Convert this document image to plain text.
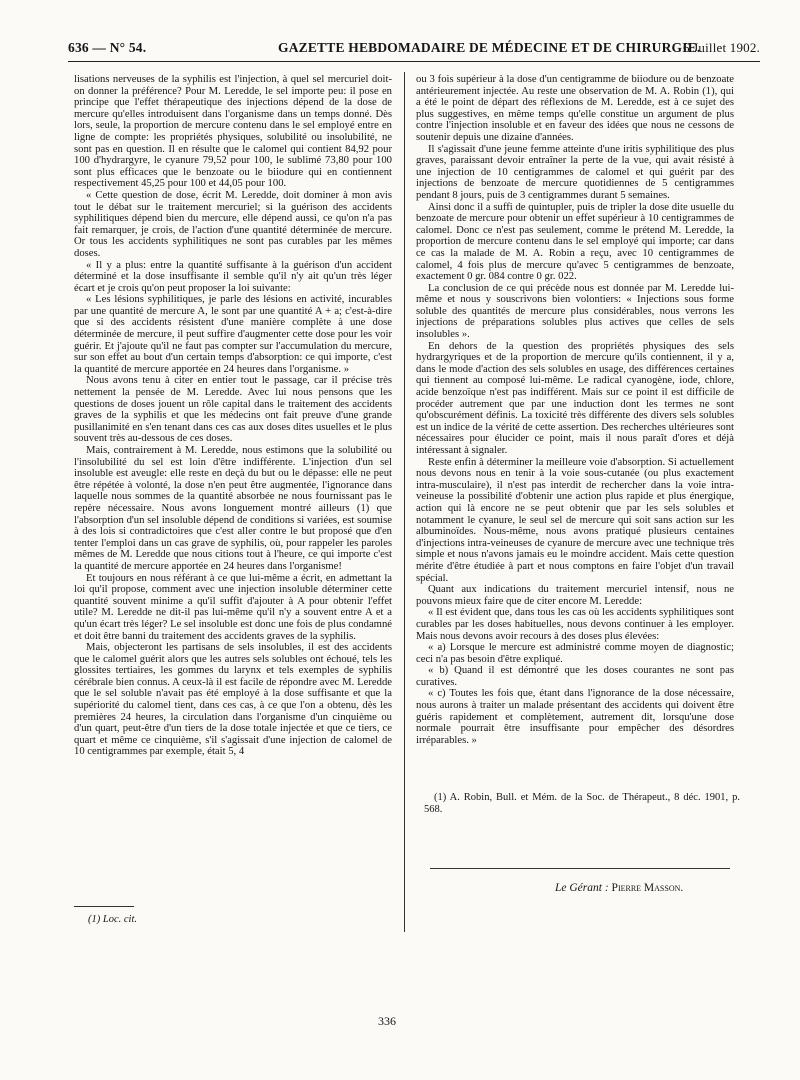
636 — N° 54.	GAZETTE HEBDOMADAIRE DE MÉDECINE ET DE CHIRURGIE.
6 Juillet 1902.

lisations nerveuses de la syphilis est l'injection, à quel sel mercuriel doit-on donner la préférence? Pour M. Leredde, le sel importe peu: il pose en principe que l'effet thérapeutique des injections dépend de la dose de mercure qu'elles introduisent dans l'organisme dans un temps donné. Dès lors, seule, la proportion de mercure contenu dans le sel employé entre en ligne de compte: les propriétés physiques, solubilité ou insolubilité, ne sont pas en question. Il en résulte que le calomel qui contient 84,92 pour 100 d'hydrargyre, le cyanure 79,52 pour 100, le sublimé 73,80 pour 100 sont plus efficaces que le benzoate ou le biiodure qui en contiennent respectivement 45,25 pour 100 et 44,05 pour 100.

« Cette question de dose, écrit M. Leredde, doit dominer à mon avis tout le débat sur le traitement mercuriel; si la guérison des accidents syphilitiques dépend bien du mercure, elle dépend aussi, ce qu'on n'a pas fait remarquer, je crois, de l'action d'une quantité déterminée de mercure. Or tous les accidents syphilitiques ne sont pas curables par les mêmes doses.

« Il y a plus: entre la quantité suffisante à la guérison d'un accident déterminé et la dose insuffisante il semble qu'il n'y ait qu'un très léger écart et je crois qu'on peut proposer la loi suivante:

« Les lésions syphilitiques, je parle des lésions en activité, incurables par une quantité de mercure A, le sont par une quantité A + a; c'est-à-dire que si des accidents résistent d'une manière complète à une dose déterminée de mercure, il peut suffire d'augmenter cette dose pour les voir guérir. Et j'ajoute qu'il ne faut pas compter sur l'accumulation du mercure, sur son effet au bout d'un certain temps d'absorption: ce qui importe, c'est la quantité de mercure apportée en 24 heures dans l'organisme. »

Nous avons tenu à citer en entier tout le passage, car il précise très nettement la pensée de M. Leredde. Avec lui nous pensons que les questions de doses jouent un rôle capital dans le traitement des accidents graves de la syphilis et que les médecins ont fait preuve d'une grande pusillanimité en s'en tenant dans ces cas aux doses dites usuelles et le plus souvent très au-dessous de ces doses.

Mais, contrairement à M. Leredde, nous estimons que la solubilité ou l'insolubilité du sel est loin d'être indifférente. L'injection d'un sel insoluble est aveugle: elle reste en deçà du but ou le dépasse: elle ne peut être répétée à volonté, la dose n'en peut être augmentée, l'ignorance dans laquelle nous sommes de la quantité absorbée ne nous fournissant pas le repère nécessaire. Nous avons longuement montré ailleurs (1) que l'absorption d'un sel insoluble dépend de conditions si variées, est soumise à des lois si contradictoires que c'est aller contre le but proposé que d'en tenter l'emploi dans un cas grave de syphilis, où, pour rappeler les paroles mêmes de M. Leredde que nous citions tout à l'heure, ce qui importe c'est la quantité de mercure apportée en 24 heures dans l'organisme!

Et toujours en nous référant à ce que lui-même a écrit, en admettant la loi qu'il propose, comment avec une injection insoluble déterminer cette quantité souvent minime a qu'il suffit d'ajouter à A pour obtenir l'effet utile? M. Leredde ne dit-il pas lui-même qu'il n'y a souvent entre A et a qu'un écart très léger? Le sel insoluble est donc une fois de plus condamné et doit être banni du traitement des accidents graves de la syphilis.

Mais, objecteront les partisans de sels insolubles, il est des accidents que le calomel guérit alors que les autres sels solubles ont échoué, tels les glossites tertiaires, les gommes du larynx et tels exemples de syphilis cérébrale bien connus. A ceux-là il est facile de répondre avec M. Leredde que le sel soluble n'avait pas été employé à la dose suffisante et que la supériorité du calomel tient, dans ces cas, à ce que l'on a obtenu, dès les premières 24 heures, la circulation dans l'organisme d'un cinquième ou d'un quart, peut-être d'un tiers de la dose totale injectée et que ce tiers, ce quart et même ce cinquième, s'il s'agissait d'une injection de calomel de 10 centigrammes par exemple, était 5, 4

ou 3 fois supérieur à la dose d'un centigramme de biiodure ou de benzoate antérieurement injectée. Au reste une observation de M. A. Robin (1), qui a été le point de départ des réflexions de M. Leredde, est à ce sujet des plus suggestives, en même temps qu'elle constitue un argument de plus contre l'injection insoluble et en faveur des idées que nous ne cessons de soutenir depuis une dizaine d'années.

Il s'agissait d'une jeune femme atteinte d'une iritis syphilitique des plus graves, paraissant devoir entraîner la perte de la vue, qui avait résisté à une injection de 10 centigrammes de calomel et qui guérit par des injections de benzoate de mercure quotidiennes de 5 centigrammes pendant 8 jours, puis de 3 centigrammes durant 5 semaines.

Ainsi donc il a suffi de quintupler, puis de tripler la dose dite usuelle du benzoate de mercure pour obtenir un effet supérieur à 10 centigrammes de calomel. Donc ce n'est pas seulement, comme le prétend M. Leredde, la proportion de mercure contenu dans le sel employé qui importe; car dans ce cas la malade de M. A. Robin a reçu, avec 10 centigrammes de calomel, 4 fois plus de mercure qu'avec 5 centigrammes de benzoate, exactement 0 gr. 084 contre 0 gr. 022.

La conclusion de ce qui précède nous est donnée par M. Leredde lui-même et nous y souscrivons bien volontiers: « Injections sous forme soluble des quantités de mercure plus considérables, nous verrons les injections de préparations solubles plus actives que celles de sels insolubles ».

En dehors de la question des propriétés physiques des sels hydrargyriques et de la proportion de mercure qu'ils contiennent, il y a, dans le mode d'action des sels solubles en usage, des différences certaines qui tiennent au composé lui-même. Le radical cyanogène, iode, chlore, acide benzoïque n'est pas indifférent. Mais sur ce point il est difficile de procéder autrement que par une induction dont les termes ne sont qu'obscurément définis. La toxicité très différente des divers sels solubles est un indice de la vérité de cette assertion. Des recherches ultérieures sont nécessaires pour élucider ce point, mais il nous paraît d'ores et déjà intéressant à signaler.

Reste enfin à déterminer la meilleure voie d'absorption. Si actuellement nous devons nous en tenir à la voie sous-cutanée (ou plus exactement intra-musculaire), il n'est pas interdit de rechercher dans la voie intra-veineuse la possibilité d'obtenir une action plus rapide et plus énergique, action qui là encore ne se peut obtenir que par les sels solubles et notamment le cyanure, le seul sel de mercure qui soit sans action sur les albuminoïdes. Nous-même, nous avons pratiqué plusieurs centaines d'injections intra-veineuses de cyanure de mercure avec une technique très simple et nous n'avons jamais eu le moindre accident. Mais cette question mérite d'être étudiée à part et nous comptons en faire l'objet d'un travail spécial.

Quant aux indications du traitement mercuriel intensif, nous ne pouvons mieux faire que de citer encore M. Leredde:

« Il est évident que, dans tous les cas où les accidents syphilitiques sont curables par les doses habituelles, nous devons continuer à les employer. Mais nous devons avoir recours à des doses plus élevées:

« a) Lorsque le mercure est administré comme moyen de diagnostic; ceci n'a pas besoin d'être expliqué.

« b) Quand il est démontré que les doses courantes ne sont pas curatives.

« c) Toutes les fois que, étant dans l'ignorance de la dose nécessaire, nous aurons à traiter un malade présentant des accidents qui doivent être guéris rapidement et complètement, autrement dit, lorsqu'une dose normale pourrait être insuffisante pour empêcher des désordres irréparables. »

(1) Loc. cit.
(1) A. Robin, Bull. et Mém. de la Soc. de Thérapeut., 8 déc. 1901, p. 568.
Le Gérant : Pierre Masson.
336
